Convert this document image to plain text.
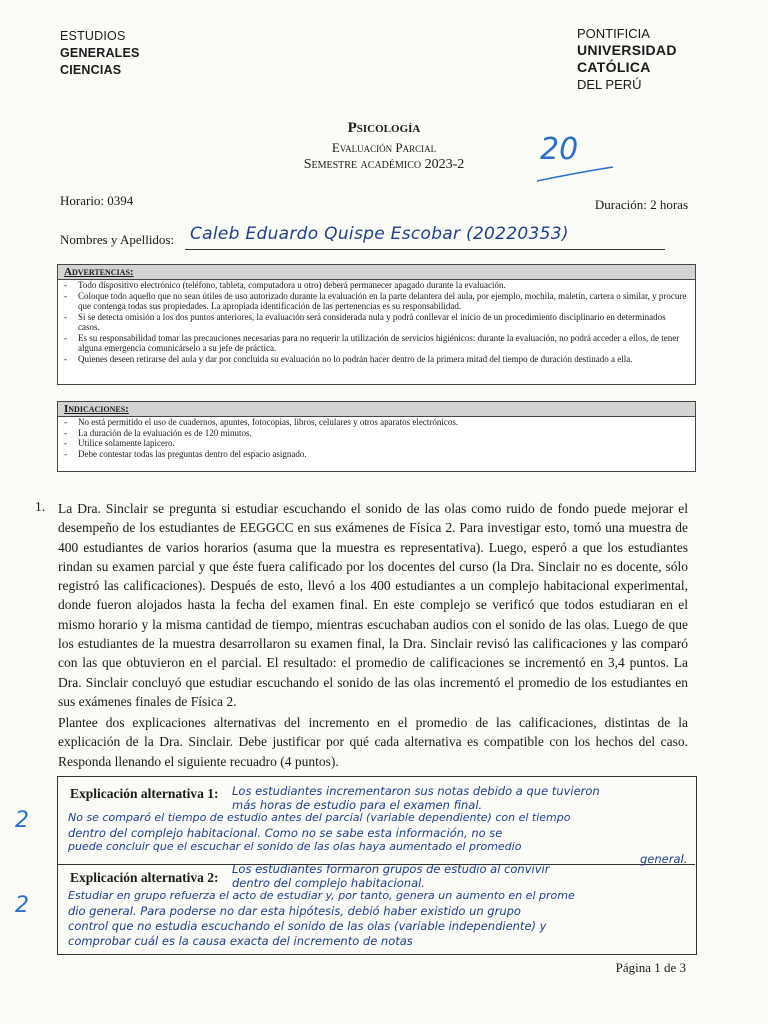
ESTUDIOS
GENERALES
CIENCIAS
PONTIFICIA
UNIVERSIDAD
CATÓLICA
DEL PERÚ
Psicología
Evaluación Parcial
Semestre académico 2023-2	20
Horario: 0394	Duración: 2 horas
Nombres y Apellidos: Caleb Eduardo Quispe Escobar (20220353)
Advertencias:
- Todo dispositivo electrónico (teléfono, tableta, computadora u otro) deberá permanecer apagado durante la evaluación.
- Coloque todo aquello que no sean útiles de uso autorizado durante la evaluación en la parte delantera del aula, por ejemplo, mochila, maletín, cartera o similar, y procure que contenga todas sus propiedades. La apropiada identificación de las pertenencias es su responsabilidad.
- Si se detecta omisión a los dos puntos anteriores, la evaluación será considerada nula y podrá conllevar el inicio de un procedimiento disciplinario en determinados casos.
- Es su responsabilidad tomar las precauciones necesarias para no requerir la utilización de servicios higiénicos: durante la evaluación, no podrá acceder a ellos, de tener alguna emergencia comunicárselo a su jefe de práctica.
- Quienes deseen retirarse del aula y dar por concluida su evaluación no lo podrán hacer dentro de la primera mitad del tiempo de duración destinado a ella.
Indicaciones:
- No está permitido el uso de cuadernos, apuntes, fotocopias, libros, celulares y otros aparatos electrónicos.
- La duración de la evaluación es de 120 minutos.
- Utilice solamente lapicero.
- Debe contestar todas las preguntas dentro del espacio asignado.
1. La Dra. Sinclair se pregunta si estudiar escuchando el sonido de las olas como ruido de fondo puede mejorar el desempeño de los estudiantes de EEGGCC en sus exámenes de Física 2. Para investigar esto, tomó una muestra de 400 estudiantes de varios horarios (asuma que la muestra es representativa). Luego, esperó a que los estudiantes rindan su examen parcial y que éste fuera calificado por los docentes del curso (la Dra. Sinclair no es docente, sólo registró las calificaciones). Después de esto, llevó a los 400 estudiantes a un complejo habitacional experimental, donde fueron alojados hasta la fecha del examen final. En este complejo se verificó que todos estudiaran en el mismo horario y la misma cantidad de tiempo, mientras escuchaban audios con el sonido de las olas. Luego de que los estudiantes de la muestra desarrollaron su examen final, la Dra. Sinclair revisó las calificaciones y las comparó con las que obtuvieron en el parcial. El resultado: el promedio de calificaciones se incrementó en 3,4 puntos. La Dra. Sinclair concluyó que estudiar escuchando el sonido de las olas incrementó el promedio de los estudiantes en sus exámenes finales de Física 2.
Plantee dos explicaciones alternativas del incremento en el promedio de las calificaciones, distintas de la explicación de la Dra. Sinclair. Debe justificar por qué cada alternativa es compatible con los hechos del caso. Responda llenando el siguiente recuadro (4 puntos).
Explicación alternativa 1: Los estudiantes incrementaron sus notas debido a que tuvieron
más horas de estudio para el examen final.
No se comparó el tiempo de estudio antes del parcial (variable dependiente) con el tiempo
dentro del complejo habitacional. Como no se sabe esta información, no se
puede concluir que el escuchar el sonido de las olas haya aumentado el promedio
general.
Explicación alternativa 2:
Los estudiantes formaron grupos de estudio al convivir
dentro del complejo habitacional.
Estudiar en grupo refuerza el acto de estudiar y, por tanto, genera un aumento en el prome
dio general. Para poderse no dar esta hipótesis, debió haber existido un grupo
control que no estudia escuchando el sonido de las olas (variable independiente) y
comprobar cuál es la causa exacta del incremento de notas
2
2
Página 1 de 3
